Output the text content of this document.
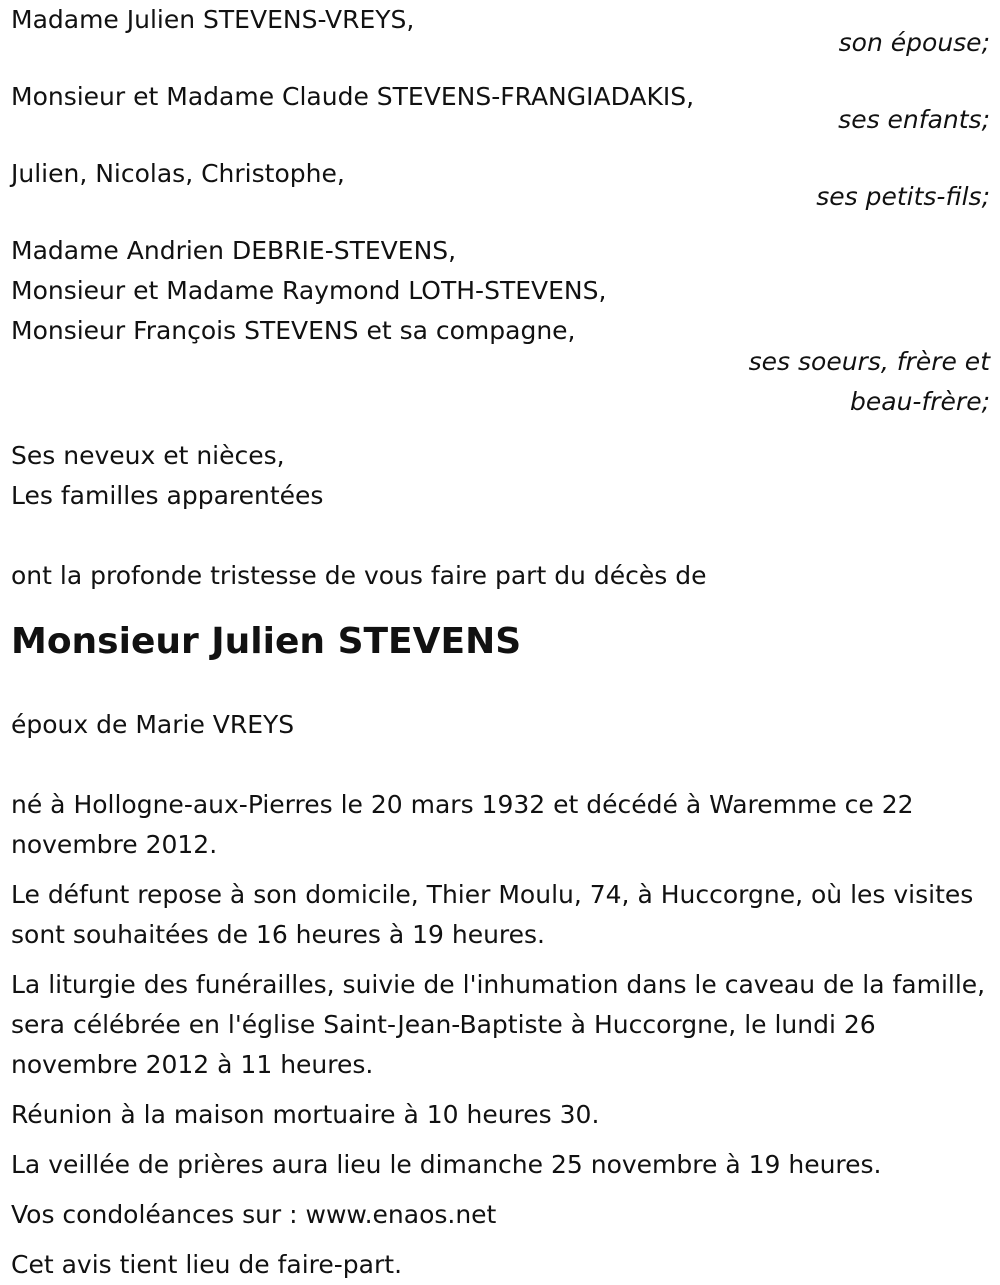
Madame Julien STEVENS-VREYS,
son épouse;
Monsieur et Madame Claude STEVENS-FRANGIADAKIS,
ses enfants;
Julien, Nicolas, Christophe,
ses petits-fils;
Madame Andrien DEBRIE-STEVENS,
Monsieur et Madame Raymond LOTH-STEVENS,
Monsieur François STEVENS et sa compagne,
ses soeurs, frère et
beau-frère;
Ses neveux et nièces,
Les familles apparentées
ont la profonde tristesse de vous faire part du décès de
Monsieur Julien STEVENS
époux de Marie VREYS

né à Hollogne-aux-Pierres le 20 mars 1932 et décédé à Waremme ce 22 novembre 2012.

Le défunt repose à son domicile, Thier Moulu, 74, à Huccorgne, où les visites sont souhaitées de 16 heures à 19 heures.

La liturgie des funérailles, suivie de l'inhumation dans le caveau de la famille, sera célébrée en l'église Saint-Jean-Baptiste à Huccorgne, le lundi 26 novembre 2012 à 11 heures.

Réunion à la maison mortuaire à 10 heures 30.

La veillée de prières aura lieu le dimanche 25 novembre à 19 heures.

Vos condoléances sur : www.enaos.net

Cet avis tient lieu de faire-part.
